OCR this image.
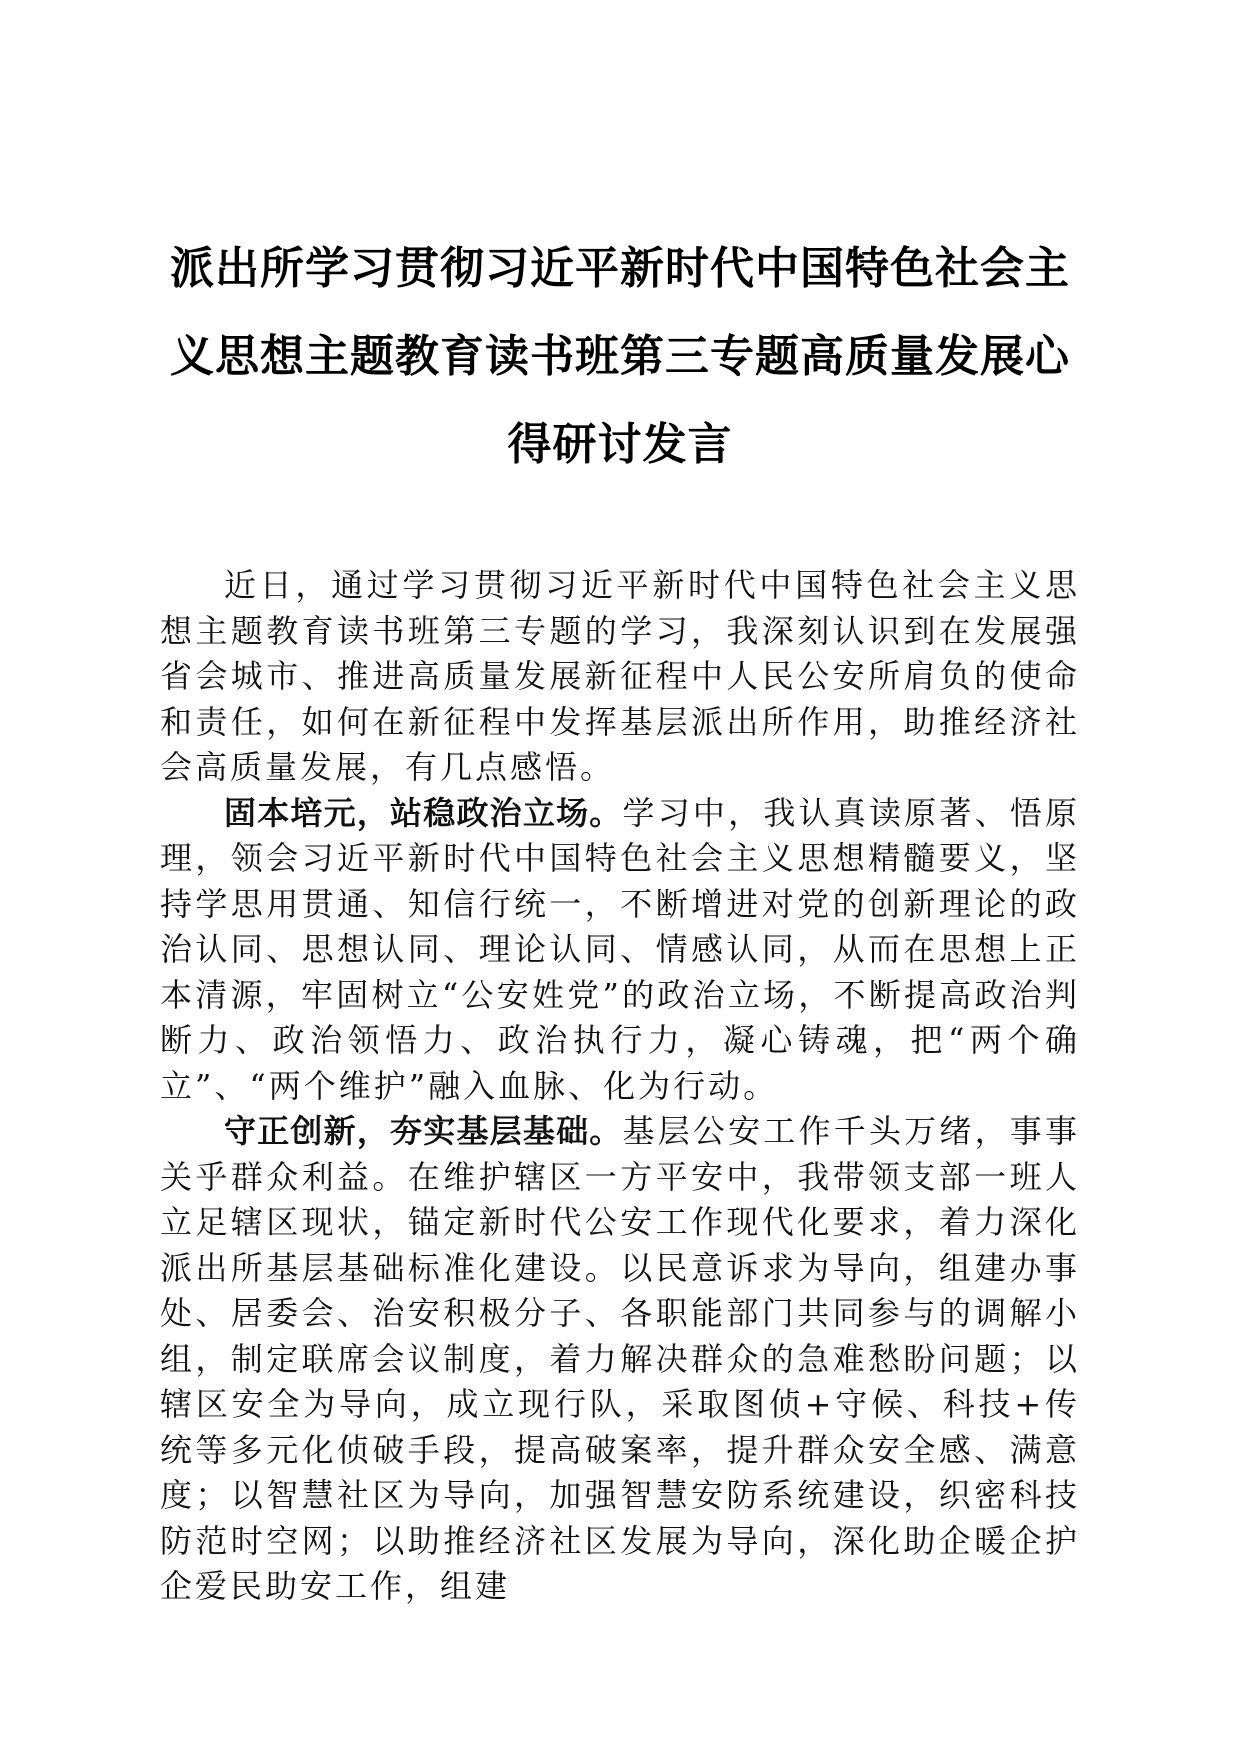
派出所学习贯彻习近平新时代中国特色社会主
义思想主题教育读书班第三专题高质量发展心
得研讨发言

近日，通过学习贯彻习近平新时代中国特色社会主义思想主题教育读书班第三专题的学习，我深刻认识到在发展强省会城市、推进高质量发展新征程中人民公安所肩负的使命和责任，如何在新征程中发挥基层派出所作用，助推经济社会高质量发展，有几点感悟。

固本培元，站稳政治立场。学习中，我认真读原著、悟原理，领会习近平新时代中国特色社会主义思想精髓要义，坚持学思用贯通、知信行统一，不断增进对党的创新理论的政治认同、思想认同、理论认同、情感认同，从而在思想上正本清源，牢固树立“公安姓党”的政治立场，不断提高政治判断力、政治领悟力、政治执行力，凝心铸魂，把“两个确立”、“两个维护”融入血脉、化为行动。

守正创新，夯实基层基础。基层公安工作千头万绪，事事关乎群众利益。在维护辖区一方平安中，我带领支部一班人立足辖区现状，锚定新时代公安工作现代化要求，着力深化派出所基层基础标准化建设。以民意诉求为导向，组建办事处、居委会、治安积极分子、各职能部门共同参与的调解小组，制定联席会议制度，着力解决群众的急难愁盼问题；以辖区安全为导向，成立现行队，采取图侦+守候、科技+传统等多元化侦破手段，提高破案率，提升群众安全感、满意度；以智慧社区为导向，加强智慧安防系统建设，织密科技防范时空网；以助推经济社区发展为导向，深化助企暖企护企爱民助安工作，组建
